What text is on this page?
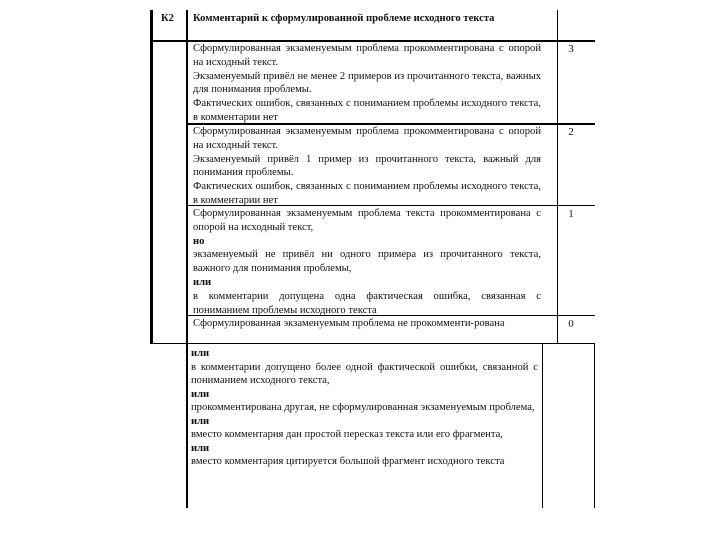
К2 Комментарий к сформулированной проблеме исходного текста

Сформулированная экзаменуемым проблема прокомментирована с опорой на исходный текст.

Экзаменуемый привёл не менее 2 примеров из прочитанного текста, важных для понимания проблемы.

Фактических ошибок, связанных с пониманием проблемы исходного текста, в комментарии нет

3

Сформулированная экзаменуемым проблема прокомментирована с опорой на исходный текст.

Экзаменуемый привёл 1 пример из прочитанного текста, важный для понимания проблемы.

Фактических ошибок, связанных с пониманием проблемы исходного текста, в комментарии нет

2

Сформулированная экзаменуемым проблема текста прокомментирована с опорой на исходный текст,

но

экзаменуемый не привёл ни одного примера из прочитанного текста, важного для понимания проблемы,

или

в комментарии допущена одна фактическая ошибка, связанная с пониманием проблемы исходного текста

1

Сформулированная экзаменуемым проблема не прокомменти-рована	0

или

в комментарии допущено более одной фактической ошибки, связанной с пониманием исходного текста,

или

прокомментирована другая, не сформулированная экзаменуемым проблема,

или

вместо комментария дан простой пересказ текста или его фрагмента,

или

вместо комментария цитируется большой фрагмент исходного текста
